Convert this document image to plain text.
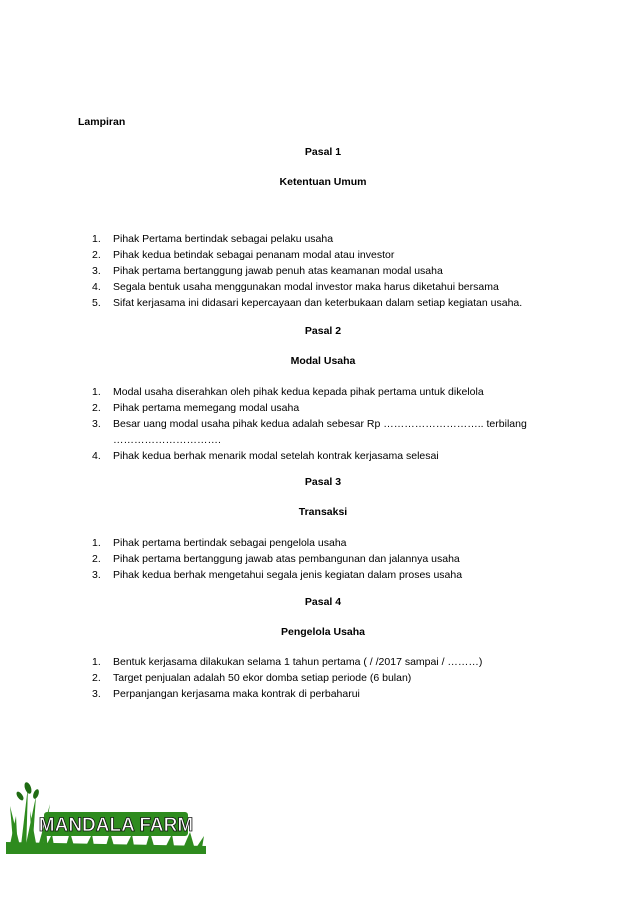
Lampiran
Pasal 1
Ketentuan Umum
1. Pihak Pertama bertindak sebagai pelaku usaha
2. Pihak kedua betindak sebagai penanam modal atau investor
3. Pihak pertama bertanggung jawab penuh atas keamanan modal usaha
4. Segala bentuk usaha menggunakan modal investor maka harus diketahui bersama
5. Sifat kerjasama ini didasari kepercayaan dan keterbukaan dalam setiap kegiatan usaha.
Pasal 2
Modal Usaha
1. Modal usaha diserahkan oleh pihak kedua kepada pihak pertama untuk dikelola
2. Pihak pertama memegang modal usaha
3. Besar uang modal usaha pihak kedua adalah sebesar Rp ……………………….. terbilang ………………………….
4. Pihak kedua berhak menarik modal setelah kontrak kerjasama selesai
Pasal 3
Transaksi
1. Pihak pertama bertindak sebagai pengelola usaha
2. Pihak pertama bertanggung jawab atas pembangunan dan jalannya usaha
3. Pihak kedua berhak mengetahui segala jenis kegiatan dalam proses usaha
Pasal 4
Pengelola Usaha
1. Bentuk kerjasama dilakukan selama 1 tahun pertama ( / /2017 sampai / ………)
2. Target penjualan adalah 50 ekor domba setiap periode (6 bulan)
3. Perpanjangan kerjasama maka kontrak di perbaharui
MANDALA FARM
